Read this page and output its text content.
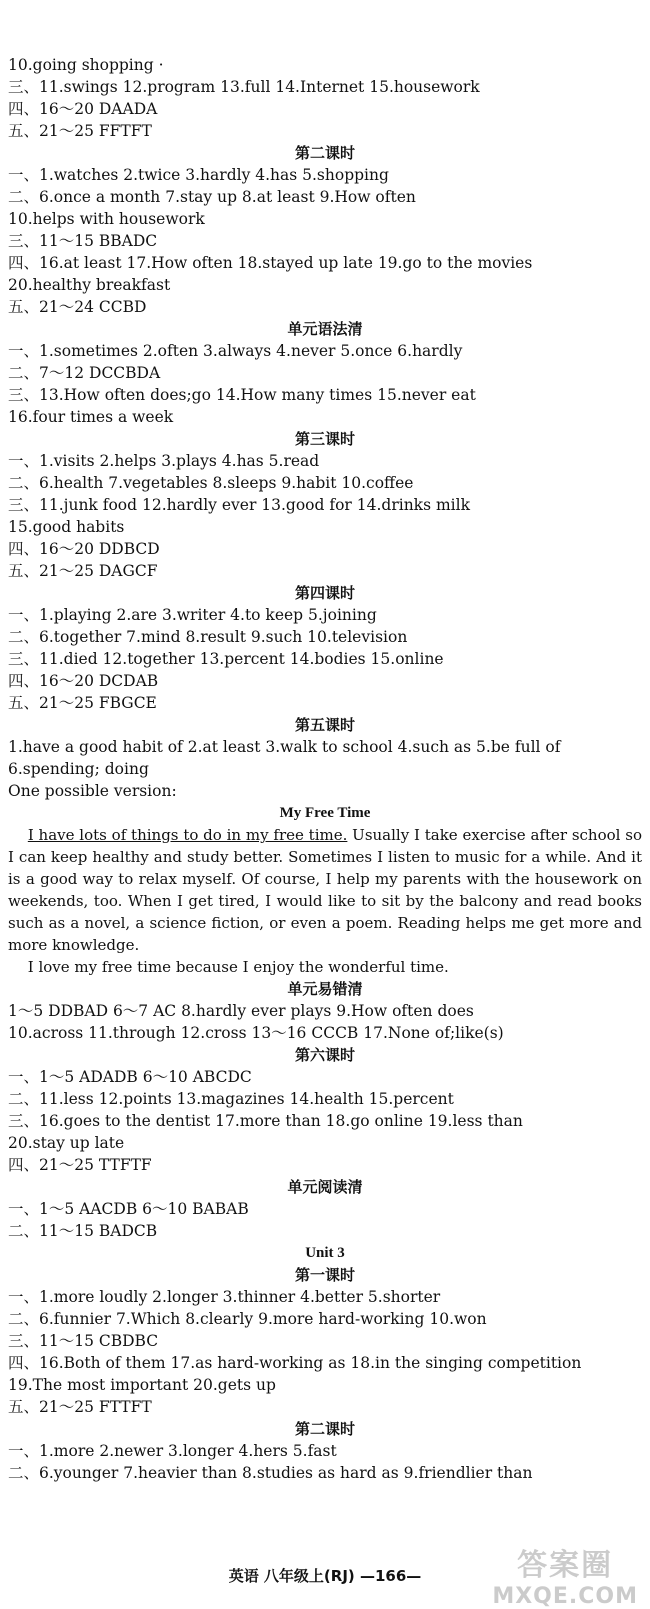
10.going shopping ·
三、11.swings 12.program 13.full 14.Internet 15.housework
四、16～20 DAADA
五、21～25 FFTFT
第二课时
一、1.watches 2.twice 3.hardly 4.has 5.shopping
二、6.once a month 7.stay up 8.at least 9.How often
10.helps with housework
三、11～15 BBADC
四、16.at least 17.How often 18.stayed up late 19.go to the movies
20.healthy breakfast
五、21～24 CCBD
单元语法清
一、1.sometimes 2.often 3.always 4.never 5.once 6.hardly
二、7～12 DCCBDA
三、13.How often does;go 14.How many times 15.never eat
16.four times a week
第三课时
一、1.visits 2.helps 3.plays 4.has 5.read
二、6.health 7.vegetables 8.sleeps 9.habit 10.coffee
三、11.junk food 12.hardly ever 13.good for 14.drinks milk
15.good habits
四、16～20 DDBCD
五、21～25 DAGCF
第四课时
一、1.playing 2.are 3.writer 4.to keep 5.joining
二、6.together 7.mind 8.result 9.such 10.television
三、11.died 12.together 13.percent 14.bodies 15.online
四、16～20 DCDAB
五、21～25 FBGCE
第五课时
1.have a good habit of 2.at least 3.walk to school 4.such as 5.be full of
6.spending; doing
One possible version:
My Free Time
  I have lots of things to do in my free time. Usually I take exercise after school so I can keep healthy and study better. Sometimes I listen to music for a while. And it is a good way to relax myself. Of course, I help my parents with the housework on weekends, too. When I get tired, I would like to sit by the balcony and read books such as a novel, a science fiction, or even a poem. Reading helps me get more and more knowledge.
  I love my free time because I enjoy the wonderful time.
单元易错清
1～5 DDBAD 6～7 AC 8.hardly ever plays 9.How often does
10.across 11.through 12.cross 13～16 CCCB 17.None of;like(s)
第六课时
一、1～5 ADADB 6～10 ABCDC
二、11.less 12.points 13.magazines 14.health 15.percent
三、16.goes to the dentist 17.more than 18.go online 19.less than
20.stay up late
四、21～25 TTFTF
单元阅读清
一、1～5 AACDB 6～10 BABAB
二、11～15 BADCB
Unit 3
第一课时
一、1.more loudly 2.longer 3.thinner 4.better 5.shorter
二、6.funnier 7.Which 8.clearly 9.more hard-working 10.won
三、11～15 CBDBC
四、16.Both of them 17.as hard-working as 18.in the singing competition
19.The most important 20.gets up
五、21～25 FTTFT
第二课时
一、1.more 2.newer 3.longer 4.hers 5.fast
二、6.younger 7.heavier than 8.studies as hard as 9.friendlier than
英语 八年级上(RJ) —166—	答案圈
MXQE.COM
